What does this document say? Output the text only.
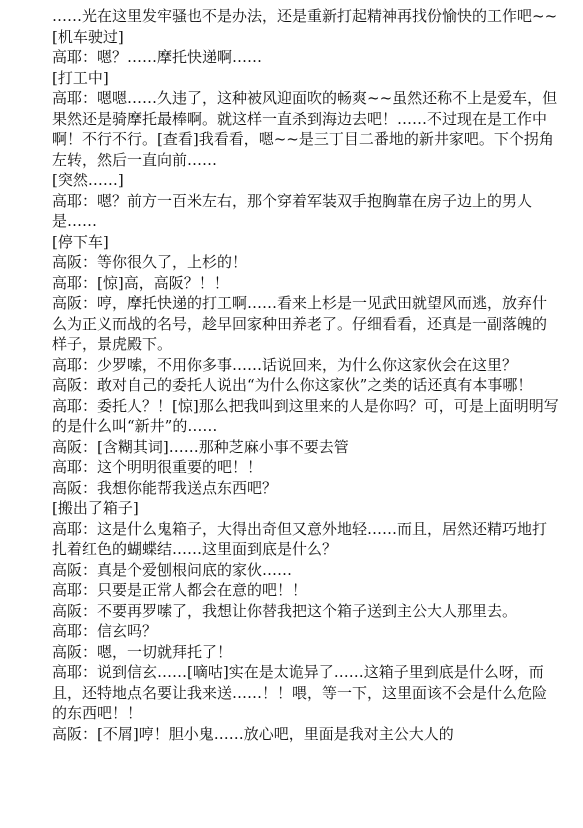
……光在这里发牢骚也不是办法，还是重新打起精神再找份愉快的工作吧~~

[机车驶过]

高耶：嗯？……摩托快递啊……

[打工中]

高耶：嗯嗯……久违了，这种被风迎面吹的畅爽~~虽然还称不上是爱车，但果然还是骑摩托最棒啊。就这样一直杀到海边去吧！……不过现在是工作中啊！不行不行。[查看]我看看，嗯~~是三丁目二番地的新井家吧。下个拐角左转，然后一直向前……

[突然……]

高耶：嗯？前方一百米左右，那个穿着军装双手抱胸靠在房子边上的男人是……

[停下车]

高阪：等你很久了，上杉的！

高耶：[惊]高，高阪？！！

高阪：哼，摩托快递的打工啊……看来上杉是一见武田就望风而逃，放弃什么为正义而战的名号，趁早回家种田养老了。仔细看看，还真是一副落魄的样子，景虎殿下。

高耶：少罗嗦，不用你多事……话说回来，为什么你这家伙会在这里？

高阪：敢对自己的委托人说出“为什么你这家伙”之类的话还真有本事哪！

高耶：委托人？！[惊]那么把我叫到这里来的人是你吗？可，可是上面明明写的是什么叫“新井”的……

高阪：[含糊其词]……那种芝麻小事不要去管

高耶：这个明明很重要的吧！！

高阪：我想你能帮我送点东西吧？

[搬出了箱子]

高耶：这是什么鬼箱子，大得出奇但又意外地轻……而且，居然还精巧地打扎着红色的蝴蝶结……这里面到底是什么？

高阪：真是个爱刨根问底的家伙……

高耶：只要是正常人都会在意的吧！！

高阪：不要再罗嗦了，我想让你替我把这个箱子送到主公大人那里去。

高耶：信玄吗？

高阪：嗯，一切就拜托了！

高耶：说到信玄……[嘀咕]实在是太诡异了……这箱子里到底是什么呀，而且，还特地点名要让我来送……！！喂，等一下，这里面该不会是什么危险的东西吧！！

高阪：[不屑]哼！胆小鬼……放心吧，里面是我对主公大人的
